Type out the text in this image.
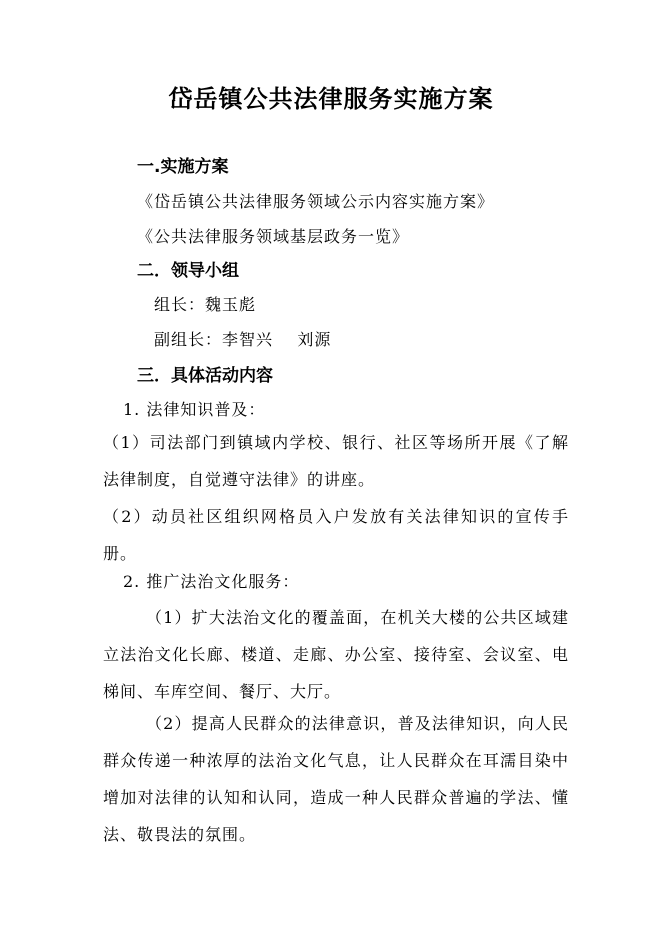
岱岳镇公共法律服务实施方案
一.实施方案
《岱岳镇公共法律服务领域公示内容实施方案》
《公共法律服务领域基层政务一览》
二．领导小组
组长：魏玉彪
副组长：李智兴    刘源
三．具体活动内容
1. 法律知识普及：
（1）司法部门到镇域内学校、银行、社区等场所开展《了解法律制度，自觉遵守法律》的讲座。
（2）动员社区组织网格员入户发放有关法律知识的宣传手册。
2. 推广法治文化服务：
（1）扩大法治文化的覆盖面，在机关大楼的公共区域建立法治文化长廊、楼道、走廊、办公室、接待室、会议室、电梯间、车库空间、餐厅、大厅。
（2）提高人民群众的法律意识，普及法律知识，向人民群众传递一种浓厚的法治文化气息，让人民群众在耳濡目染中增加对法律的认知和认同，造成一种人民群众普遍的学法、懂法、敬畏法的氛围。
